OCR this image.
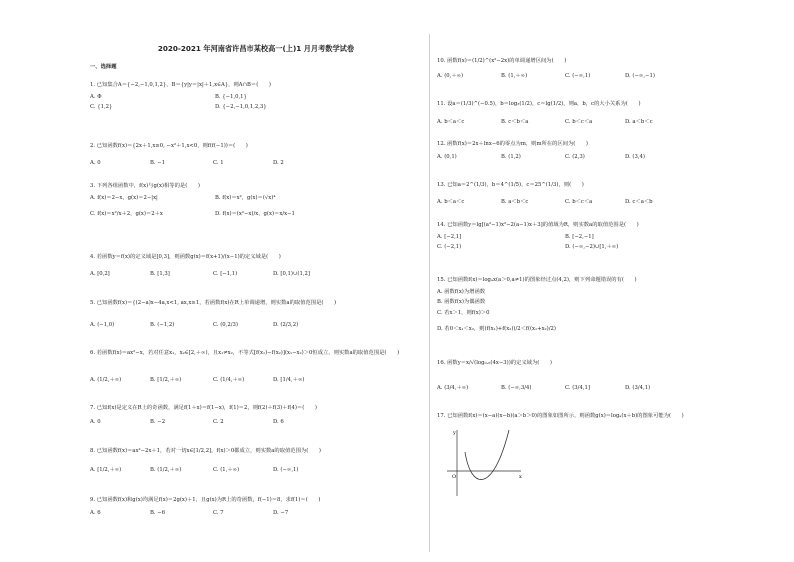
2020-2021 年河南省许昌市某校高一(上)1 月月考数学试卷
一、选择题
1. 已知集合A＝{−2,−1,0,1,2}，B＝{y|y＝|x|＋1,x∈A}，则A∩B＝(　　)
A. Φ	B. {−1,0,1}
C. {1,2}	D. {−2,−1,0,1,2,3}
2. 已知函数f(x)＝{2x＋1,x≥0, −x²＋1,x<0，则f(f(−1))＝(　　)
A. 0	B. −1	C. 1	D. 2
3. 下列各组函数中，f(x)与g(x)相等的是(　　)
A. f(x)＝2−x，g(x)＝2−|x|	B. f(x)＝x²，g(x)＝(√x)⁴
C. f(x)＝x²/x＋2，g(x)＝2＋x	D. f(x)＝(x²−x)/x，g(x)＝x/x−1
4. 若函数y＝f(x)的定义域是[0,3]，则函数g(x)＝f(x+1)/(x−1)的定义域是(　　)
A. [0,2]	B. [1,3]	C. [−1,1)	D. [0,1)∪(1,2]
5. 已知函数f(x)＝{(2−a)x−4a,x<1, ax,x≥1，若函数f(x)在R上单调递增，则实数a的取值范围是(　　)
A. (−1,0)	B. (−1,2)	C. (0,2/3)	D. (2/3,2)
6. 若函数f(x)＝ax²−x，若对任意x₁，x₂∈[2,＋∞)，且x₁≠x₂，不等式[f(x₁)−f(x₂)](x₁−x₂)＞0恒成立，则实数a的取值范围是(　　)
A. (1/2,＋∞)	B. [1/2,＋∞)	C. (1/4,＋∞)	D. [1/4,＋∞)
7. 已知f(x)是定义在R上的奇函数，满足f(1＋x)＝f(1−x)，f(1)＝2，则f(2)＋f(3)＋f(4)＝(　　)
A. 0	B. −2	C. 2	D. 6
8. 已知函数f(x)＝ax²−2x＋1，若对一切x∈[1/2,2]，f(x)＞0都成立，则实数a的取值范围为(　　)
A. [1/2,＋∞)	B. (1/2,＋∞)	C. (1,＋∞)	D. (−∞,1)
9. 已知函数f(x)和g(x)均满足f(x)＝2g(x)＋1，且g(x)为R上的奇函数，f(−1)＝8，求f(1)＝(　　)
A. 6	B. −6	C. 7	D. −7
10. 函数f(x)＝(1/2)^(x²−2x)的单调递增区间为(　　)
A. (0,＋∞)	B. (1,＋∞)	C. (−∞,1)	D. (−∞,−1)
11. 设a＝(1/3)^(−0.5)，b＝log₃(1/2)，c＝lg(1/2)，则a，b，c的大小关系为(　　)
A. b＜a＜c	B. c＜b＜a	C. b＜c＜a	D. a＜b＜c
12. 函数f(x)＝2x＋lnx−6的零点为m，则m所在的区间为(　　)
A. (0,1)	B. (1,2)	C. (2,3)	D. (3,4)
13. 已知a＝2^(1/3)，b＝4^(1/5)，c＝25^(1/3)，则(　　)
A. b＜a＜c	B. a＜b＜c	C. b＜c＜a	D. c＜a＜b
14. 已知函数y＝lg[(a²−1)x²−2(a−1)x＋3]的值域为R，则实数a的取值范围是(　　)
A. [−2,1]	B. [−2,−1]
C. (−2,1)	D. (−∞,−2)∪[1,＋∞)
15. 已知函数f(x)＝logₐx(a＞0,a≠1)的图象经过点(4,2)，则下列命题错误的有(　　)
A. 函数f(x)为增函数
B. 函数f(x)为偶函数
C. 若x＞1，则f(x)＞0
D. 若0＜x₁＜x₂，则(f(x₁)+f(x₂))/2＜f((x₁+x₂)/2)
16. 函数y＝x/√(log₀.₅(4x−3))的定义域为(　　)
A. (3/4,＋∞)	B. (−∞,3/4)	C. (3/4,1]	D. (3/4,1)
17. 已知函数f(x)＝(x−a)(x−b)(a＞b＞0)的图象如图所示，则函数g(x)＝logₐ(x＋b)的图象可能为(　　)
y
x
O
